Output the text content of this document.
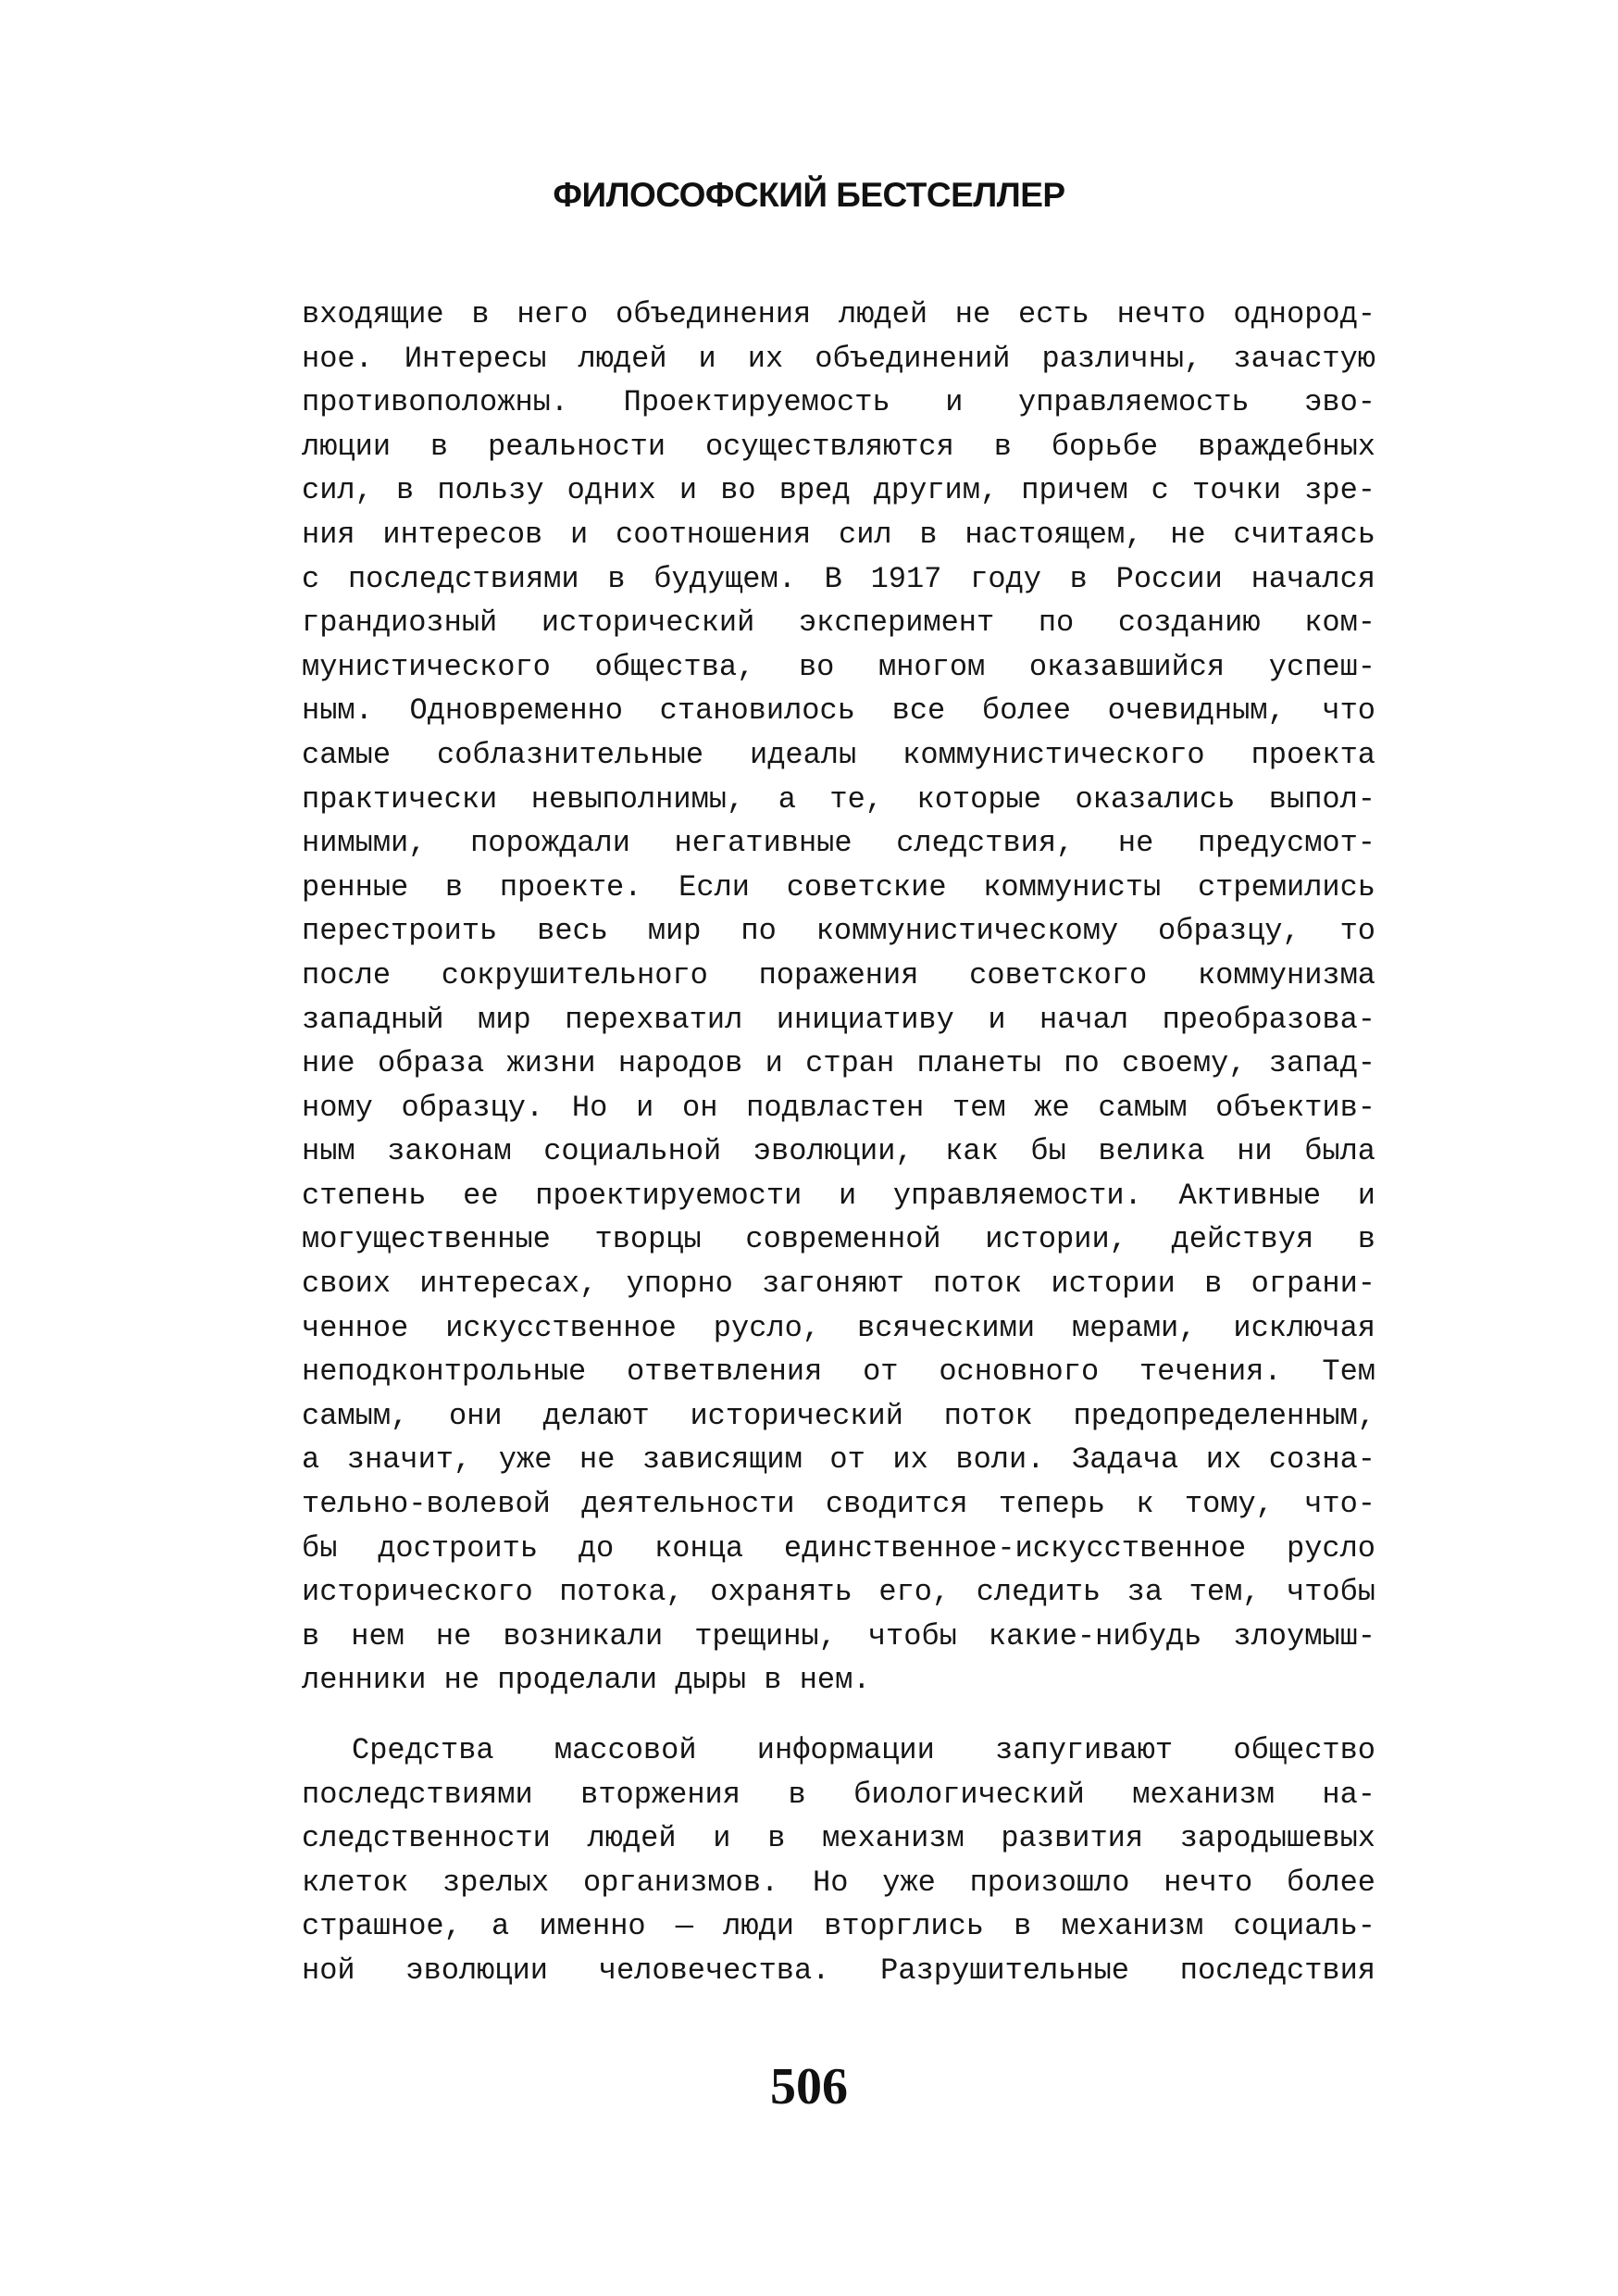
ФИЛОСОФСКИЙ БЕСТСЕЛЛЕР
входящие в него объединения людей не есть нечто однород-
ное. Интересы людей и их объединений различны, зачастую
противоположны. Проектируемость и управляемость эво-
люции в реальности осуществляются в борьбе враждебных
сил, в пользу одних и во вред другим, причем с точки зре-
ния интересов и соотношения сил в настоящем, не считаясь
с последствиями в будущем. В 1917 году в России начался
грандиозный исторический эксперимент по созданию ком-
мунистического общества, во многом оказавшийся успеш-
ным. Одновременно становилось все более очевидным, что
самые соблазнительные идеалы коммунистического проекта
практически невыполнимы, а те, которые оказались выпол-
нимыми, порождали негативные следствия, не предусмот-
ренные в проекте. Если советские коммунисты стремились
перестроить весь мир по коммунистическому образцу, то
после сокрушительного поражения советского коммунизма
западный мир перехватил инициативу и начал преобразова-
ние образа жизни народов и стран планеты по своему, запад-
ному образцу. Но и он подвластен тем же самым объектив-
ным законам социальной эволюции, как бы велика ни была
степень ее проектируемости и управляемости. Активные и
могущественные творцы современной истории, действуя в
своих интересах, упорно загоняют поток истории в ограни-
ченное искусственное русло, всяческими мерами, исключая
неподконтрольные ответвления от основного течения. Тем
самым, они делают исторический поток предопределенным,
а значит, уже не зависящим от их воли. Задача их созна-
тельно-волевой деятельности сводится теперь к тому, что-
бы достроить до конца единственное-искусственное русло
исторического потока, охранять его, следить за тем, чтобы
в нем не возникали трещины, чтобы какие-нибудь злоумыш-
ленники не проделали дыры в нем.
Средства массовой информации запугивают общество
последствиями вторжения в биологический механизм на-
следственности людей и в механизм развития зародышевых
клеток зрелых организмов. Но уже произошло нечто более
страшное, а именно — люди вторглись в механизм социаль-
ной эволюции человечества. Разрушительные последствия
506
